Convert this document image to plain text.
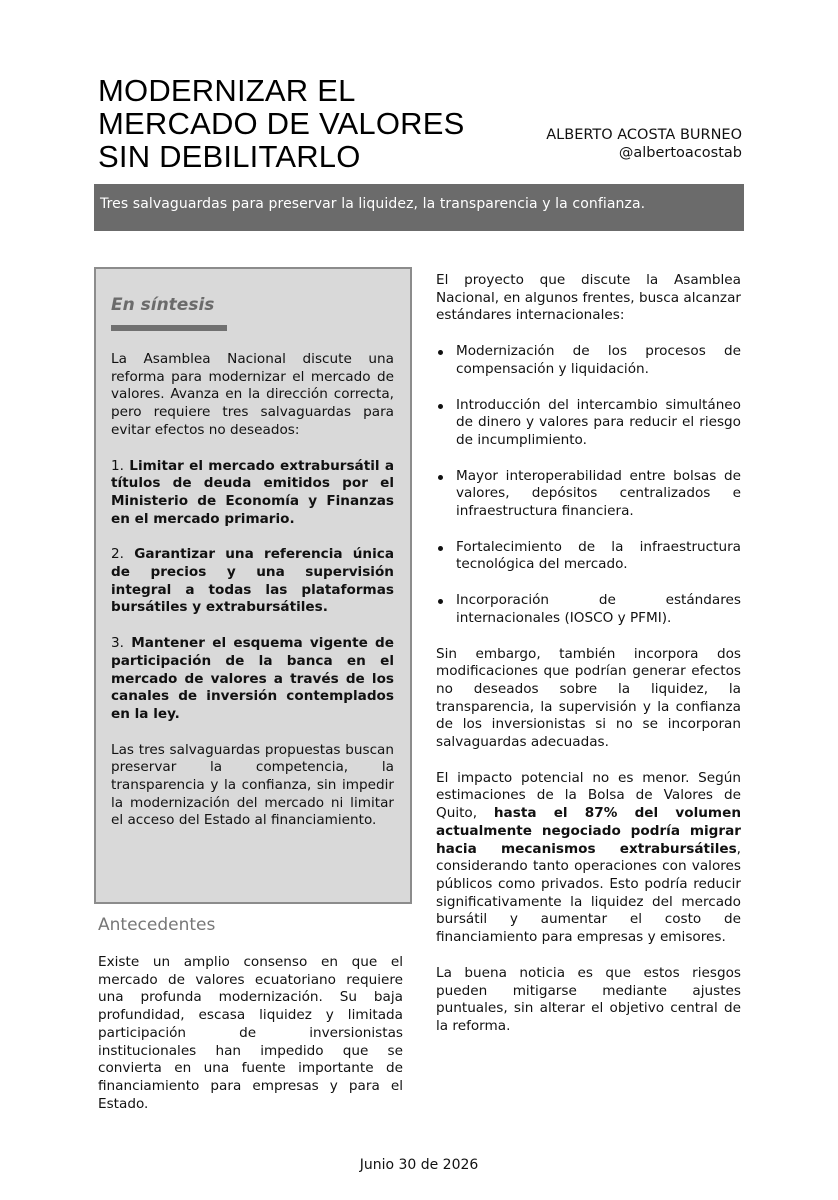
MODERNIZAR EL
MERCADO DE VALORES
SIN DEBILITARLO
ALBERTO ACOSTA BURNEO
@albertoacostab
Tres salvaguardas para preservar la liquidez, la transparencia y la confianza.
En síntesis

La Asamblea Nacional discute una reforma para modernizar el mercado de valores. Avanza en la dirección correcta, pero requiere tres salvaguardas para evitar efectos no deseados:

1. Limitar el mercado extrabursátil a títulos de deuda emitidos por el Ministerio de Economía y Finanzas en el mercado primario.

2. Garantizar una referencia única de precios y una supervisión integral a todas las plataformas bursátiles y extrabursátiles.

3. Mantener el esquema vigente de participación de la banca en el mercado de valores a través de los canales de inversión contemplados en la ley.

Las tres salvaguardas propuestas buscan preservar la competencia, la transparencia y la confianza, sin impedir la modernización del mercado ni limitar el acceso del Estado al financiamiento.

Antecedentes

Existe un amplio consenso en que el mercado de valores ecuatoriano requiere una profunda modernización. Su baja profundidad, escasa liquidez y limitada participación de inversionistas institucionales han impedido que se convierta en una fuente importante de financiamiento para empresas y para el Estado.

El proyecto que discute la Asamblea Nacional, en algunos frentes, busca alcanzar estándares internacionales:

Modernización de los procesos de compensación y liquidación.
Introducción del intercambio simultáneo de dinero y valores para reducir el riesgo de incumplimiento.
Mayor interoperabilidad entre bolsas de valores, depósitos centralizados e infraestructura financiera.
Fortalecimiento de la infraestructura tecnológica del mercado.
Incorporación de estándares internacionales (IOSCO y PFMI).

Sin embargo, también incorpora dos modificaciones que podrían generar efectos no deseados sobre la liquidez, la transparencia, la supervisión y la confianza de los inversionistas si no se incorporan salvaguardas adecuadas.

El impacto potencial no es menor. Según estimaciones de la Bolsa de Valores de Quito, hasta el 87% del volumen actualmente negociado podría migrar hacia mecanismos extrabursátiles, considerando tanto operaciones con valores públicos como privados. Esto podría reducir significativamente la liquidez del mercado bursátil y aumentar el costo de financiamiento para empresas y emisores.

La buena noticia es que estos riesgos pueden mitigarse mediante ajustes puntuales, sin alterar el objetivo central de la reforma.

Junio 30 de 2026
